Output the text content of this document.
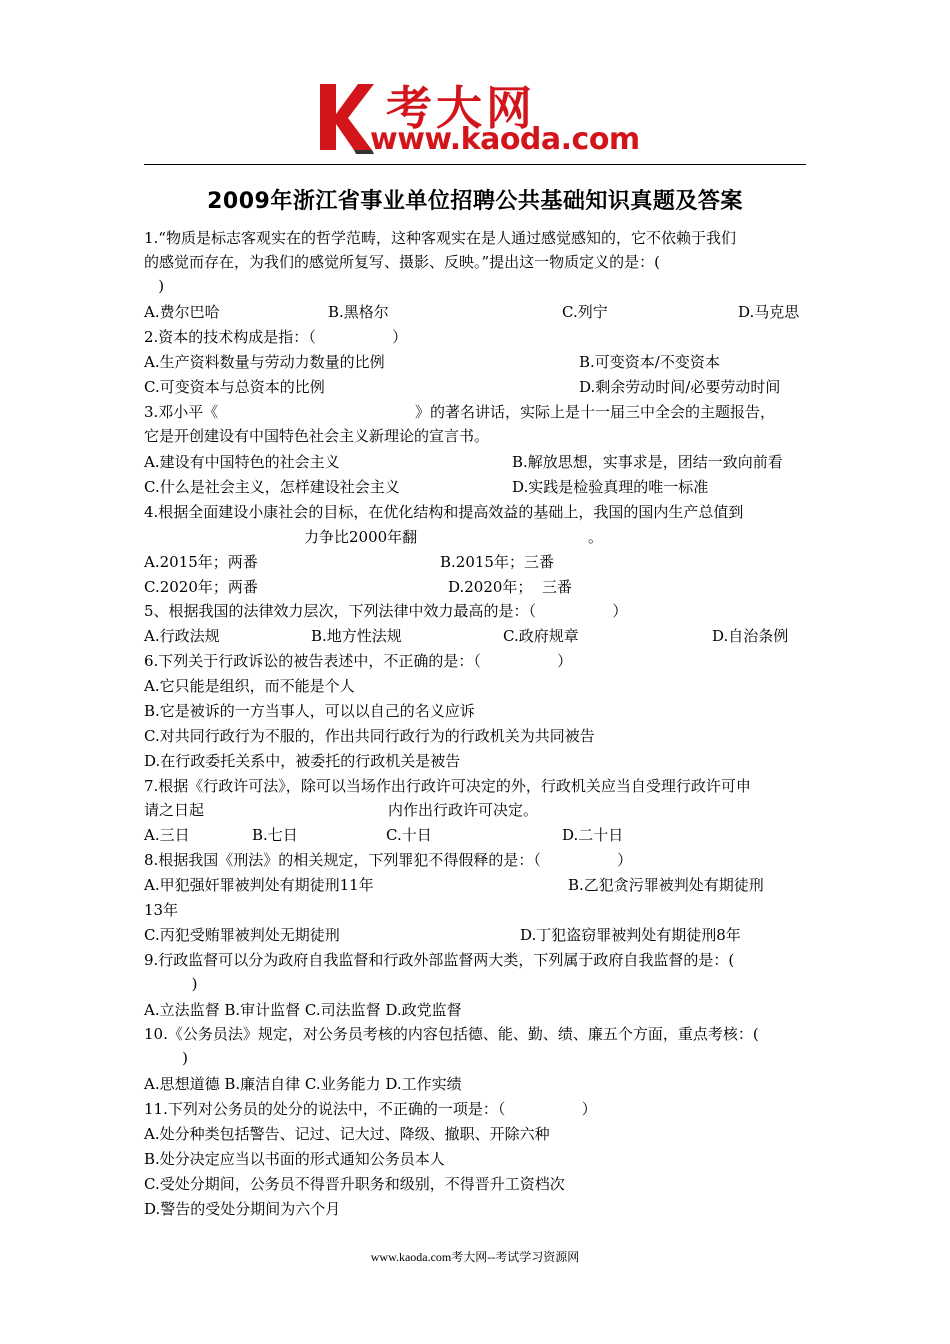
考大网
www.kaoda.com
2009年浙江省事业单位招聘公共基础知识真题及答案
1.“物质是标志客观实在的哲学范畴，这种客观实在是人通过感觉感知的，它不依赖于我们
的感觉而存在，为我们的感觉所复写、摄影、反映。”提出这一物质定义的是：(
)
A.费尔巴哈	B.黑格尔	C.列宁	D.马克思
2.资本的技术构成是指：（                ）
A.生产资料数量与劳动力数量的比例	B.可变资本/不变资本
C.可变资本与总资本的比例	D.剩余劳动时间/必要劳动时间
3.邓小平《	》的著名讲话，实际上是十一届三中全会的主题报告，
它是开创建设有中国特色社会主义新理论的宣言书。
A.建设有中国特色的社会主义	B.解放思想，实事求是，团结一致向前看
C.什么是社会主义，怎样建设社会主义	D.实践是检验真理的唯一标准
4.根据全面建设小康社会的目标，在优化结构和提高效益的基础上，我国的国内生产总值到
力争比2000年翻	。
A.2015年；两番	B.2015年；三番
C.2020年；两番	D.2020年；  三番
5、根据我国的法律效力层次，下列法律中效力最高的是：（                ）
A.行政法规	B.地方性法规	C.政府规章	D.自治条例
6.下列关于行政诉讼的被告表述中，不正确的是：（                ）
A.它只能是组织，而不能是个人
B.它是被诉的一方当事人，可以以自己的名义应诉
C.对共同行政行为不服的，作出共同行政行为的行政机关为共同被告
D.在行政委托关系中，被委托的行政机关是被告
7.根据《行政许可法》，除可以当场作出行政许可决定的外，行政机关应当自受理行政许可申
请之日起	内作出行政许可决定。
A.三日	B.七日	C.十日	D.二十日
8.根据我国《刑法》的相关规定，下列罪犯不得假释的是：（                ）
A.甲犯强奸罪被判处有期徒刑11年	B.乙犯贪污罪被判处有期徒刑
13年
C.丙犯受贿罪被判处无期徒刑	D.丁犯盗窃罪被判处有期徒刑8年
9.行政监督可以分为政府自我监督和行政外部监督两大类，下列属于政府自我监督的是：(
)
A.立法监督 B.审计监督 C.司法监督 D.政党监督
10.《公务员法》规定，对公务员考核的内容包括德、能、勤、绩、廉五个方面，重点考核：(
)
A.思想道德 B.廉洁自律 C.业务能力 D.工作实绩
11.下列对公务员的处分的说法中，不正确的一项是：（                ）
A.处分种类包括警告、记过、记大过、降级、撤职、开除六种
B.处分决定应当以书面的形式通知公务员本人
C.受处分期间，公务员不得晋升职务和级别，不得晋升工资档次
D.警告的受处分期间为六个月
www.kaoda.com考大网--考试学习资源网
